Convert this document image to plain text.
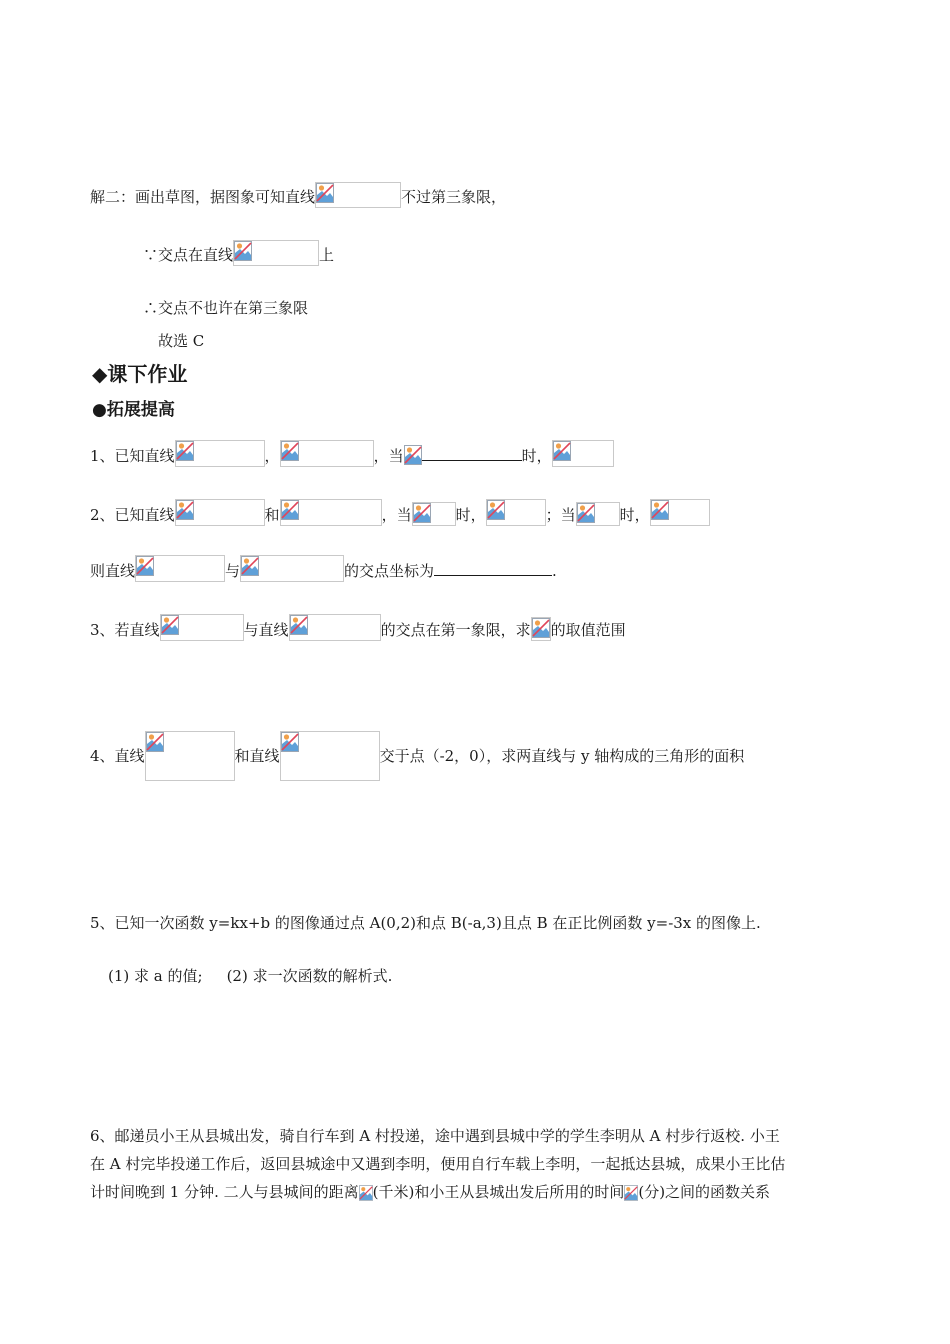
解二：画出草图，据图象可知直线	不过第三象限，
∵交点在直线	上
∴交点不也许在第三象限
故选 C
◆课下作业
●拓展提高
1、已知直线	，	，当	时，
2、已知直线	和	，当	时，	；当	时，
则直线	与	的交点坐标为	.
3、若直线	与直线	的交点在第一象限，求 的取值范围
4、直线	和直线	交于点（-2，0），求两直线与 y 轴构成的三角形的面积
5、已知一次函数 y=kx+b 的图像通过点 A(0,2)和点 B(-a,3)且点 B 在正比例函数 y=-3x 的图像上.
(1) 求 a 的值; (2) 求一次函数的解析式.
6、邮递员小王从县城出发，骑自行车到 A 村投递，途中遇到县城中学的学生李明从 A 村步行返校. 小王
在 A 村完毕投递工作后，返回县城途中又遇到李明，便用自行车载上李明，一起抵达县城，成果小王比估
计时间晚到 1 分钟. 二人与县城间的距离 (千米)和小王从县城出发后所用的时间 (分)之间的函数关系
